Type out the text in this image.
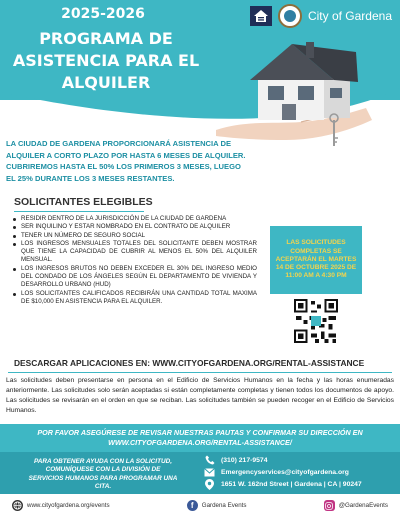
2025-2026
PROGRAMA DE ASISTENCIA PARA EL ALQUILER
City of Gardena
LA CIUDAD DE GARDENA PROPORCIONARÁ ASISTENCIA DE ALQUILER A CORTO PLAZO POR HASTA 6 MESES DE ALQUILER. CUBRIREMOS HASTA EL 50% LOS PRIMEROS 3 MESES, LUEGO EL 25% DURANTE LOS 3 MESES RESTANTES.
SOLICITANTES ELEGIBLES
RESIDIR DENTRO DE LA JURISDICCIÓN DE LA CIUDAD DE GARDENA
SER INQUILINO Y ESTAR NOMBRADO EN EL CONTRATO DE ALQUILER
TENER UN NÚMERO DE SEGURO SOCIAL
LOS INGRESOS MENSUALES TOTALES DEL SOLICITANTE DEBEN MOSTRAR QUE TIENE LA CAPACIDAD DE CUBRIR AL MENOS EL 50% DEL ALQUILER MENSUAL.
LOS INGRESOS BRUTOS NO DEBEN EXCEDER EL 30% DEL INGRESO MEDIO DEL CONDADO DE LOS ÁNGELES SEGÚN EL DEPARTAMENTO DE VIVIENDA Y DESARROLLO URBANO (HUD)
LOS SOLICITANTES CALIFICADOS RECIBIRÁN UNA CANTIDAD TOTAL MAXIMA DE $10,000 EN ASISTENCIA PARA EL ALQUILER.
LAS SOLICITUDES COMPLETAS SE ACEPTARÁN EL MARTES 14 DE OCTUBRE 2025 DE 11:00 AM A 4:30 PM
DESCARGAR APLICACIONES EN: WWW.CITYOFGARDENA.ORG/RENTAL-ASSISTANCE

Las solicitudes deben presentarse en persona en el Edificio de Servicios Humanos en la fecha y las horas enumeradas anteriormente. Las solicitudes solo serán aceptadas si están completamente completas y tienen todos los documentos de apoyo. Las solicitudes se revisarán en el orden en que se reciban. Las solicitudes también se pueden recoger en el Edificio de Servicios Humanos.

POR FAVOR ASEGÚRESE DE REVISAR NUESTRAS PAUTAS Y CONFIRMAR SU DIRECCIÓN EN WWW.CITYOFGARDENA.ORG/RENTAL-ASSISTANCE/
PARA OBTENER AYUDA CON LA SOLICITUD, COMUNÍQUESE CON LA DIVISIÓN DE SERVICIOS HUMANOS PARA PROGRAMAR UNA CITA.
(310) 217-9574
Emergencyservices@cityofgardena.org
1651 W. 162nd Street | Gardena | CA | 90247
www.cityofgardena.org/events	f	Gardena Events	@GardenaEvents
